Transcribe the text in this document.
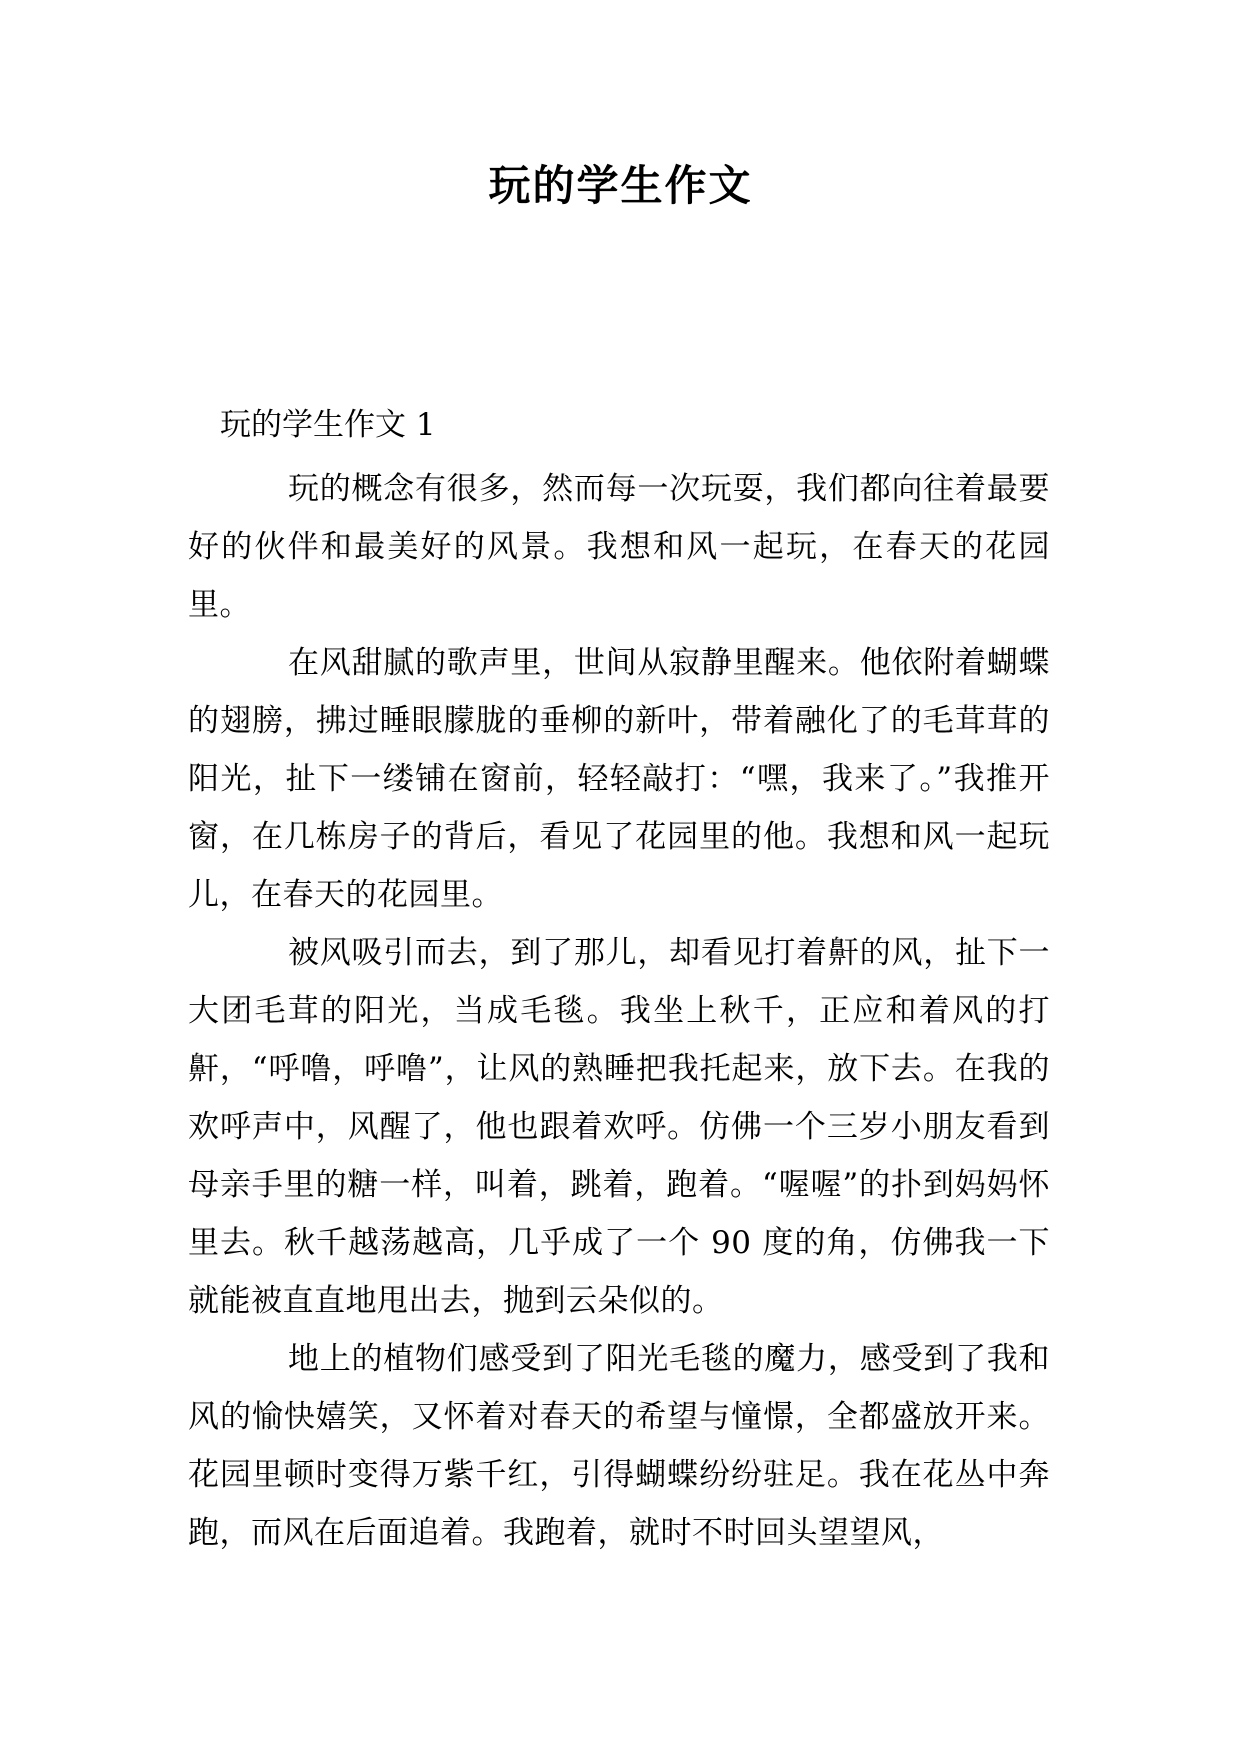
玩的学生作文

玩的学生作文 1

玩的概念有很多，然而每一次玩耍，我们都向往着最要好的伙伴和最美好的风景。我想和风一起玩，在春天的花园里。

在风甜腻的歌声里，世间从寂静里醒来。他依附着蝴蝶的翅膀，拂过睡眼朦胧的垂柳的新叶，带着融化了的毛茸茸的阳光，扯下一缕铺在窗前，轻轻敲打：“嘿，我来了。”我推开窗，在几栋房子的背后，看见了花园里的他。我想和风一起玩儿，在春天的花园里。

被风吸引而去，到了那儿，却看见打着鼾的风，扯下一大团毛茸的阳光，当成毛毯。我坐上秋千，正应和着风的打鼾，“呼噜，呼噜”，让风的熟睡把我托起来，放下去。在我的欢呼声中，风醒了，他也跟着欢呼。仿佛一个三岁小朋友看到母亲手里的糖一样，叫着，跳着，跑着。“喔喔”的扑到妈妈怀里去。秋千越荡越高，几乎成了一个 90 度的角，仿佛我一下就能被直直地甩出去，抛到云朵似的。

地上的植物们感受到了阳光毛毯的魔力，感受到了我和风的愉快嬉笑，又怀着对春天的希望与憧憬，全都盛放开来。花园里顿时变得万紫千红，引得蝴蝶纷纷驻足。我在花丛中奔跑，而风在后面追着。我跑着，就时不时回头望望风，
